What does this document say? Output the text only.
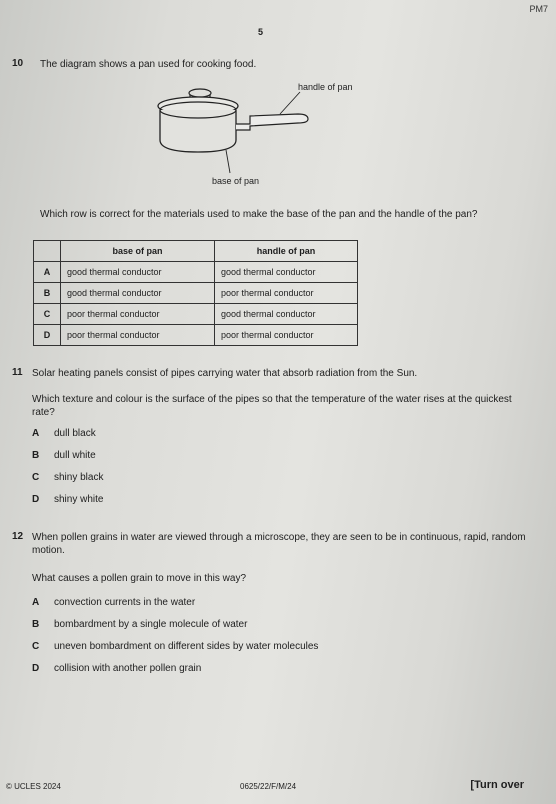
PM7
5
10 The diagram shows a pan used for cooking food.
handle of pan
base of pan
Which row is correct for the materials used to make the base of the pan and the handle of the pan?
	base of pan	handle of pan
A	good thermal conductor	good thermal conductor
B	good thermal conductor	poor thermal conductor
C	poor thermal conductor	good thermal conductor
D	poor thermal conductor	poor thermal conductor
11 Solar heating panels consist of pipes carrying water that absorb radiation from the Sun.
Which texture and colour is the surface of the pipes so that the temperature of the water rises at the quickest rate?
A dull black
B dull white
C shiny black
D shiny white
12 When pollen grains in water are viewed through a microscope, they are seen to be in continuous, rapid, random motion.
What causes a pollen grain to move in this way?
A convection currents in the water
B bombardment by a single molecule of water
C uneven bombardment on different sides by water molecules
D collision with another pollen grain
© UCLES 2024	0625/22/F/M/24	[Turn over
